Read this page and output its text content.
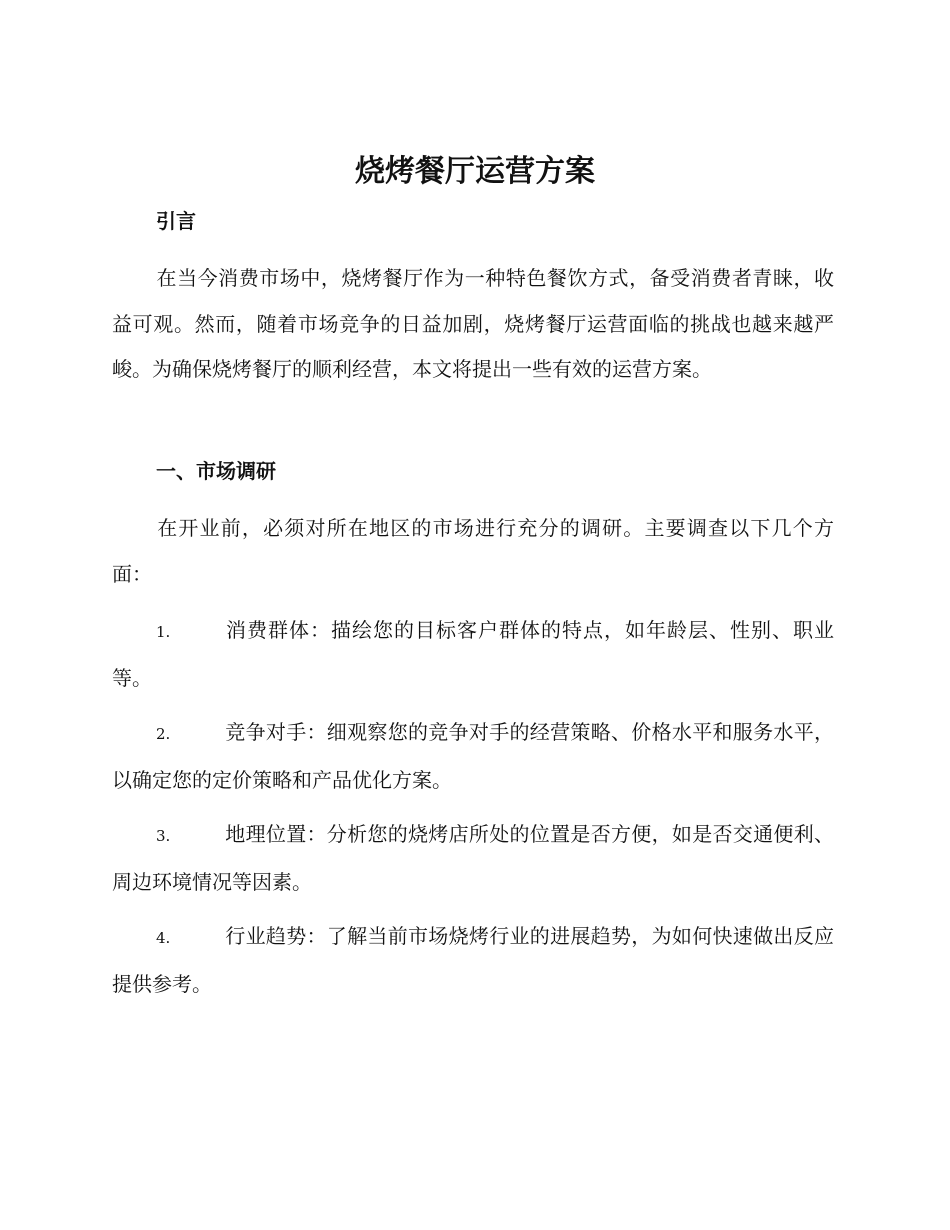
烧烤餐厅运营方案
引言

在当今消费市场中，烧烤餐厅作为一种特色餐饮方式，备受消费者青睐，收益可观。然而，随着市场竞争的日益加剧，烧烤餐厅运营面临的挑战也越来越严峻。为确保烧烤餐厅的顺利经营，本文将提出一些有效的运营方案。

一、市场调研

在开业前，必须对所在地区的市场进行充分的调研。主要调查以下几个方面：

1.	消费群体：描绘您的目标客户群体的特点，如年龄层、性别、职业等。

2.	竞争对手：细观察您的竞争对手的经营策略、价格水平和服务水平，以确定您的定价策略和产品优化方案。

3.	地理位置：分析您的烧烤店所处的位置是否方便，如是否交通便利、周边环境情况等因素。

4.	行业趋势：了解当前市场烧烤行业的进展趋势，为如何快速做出反应提供参考。
